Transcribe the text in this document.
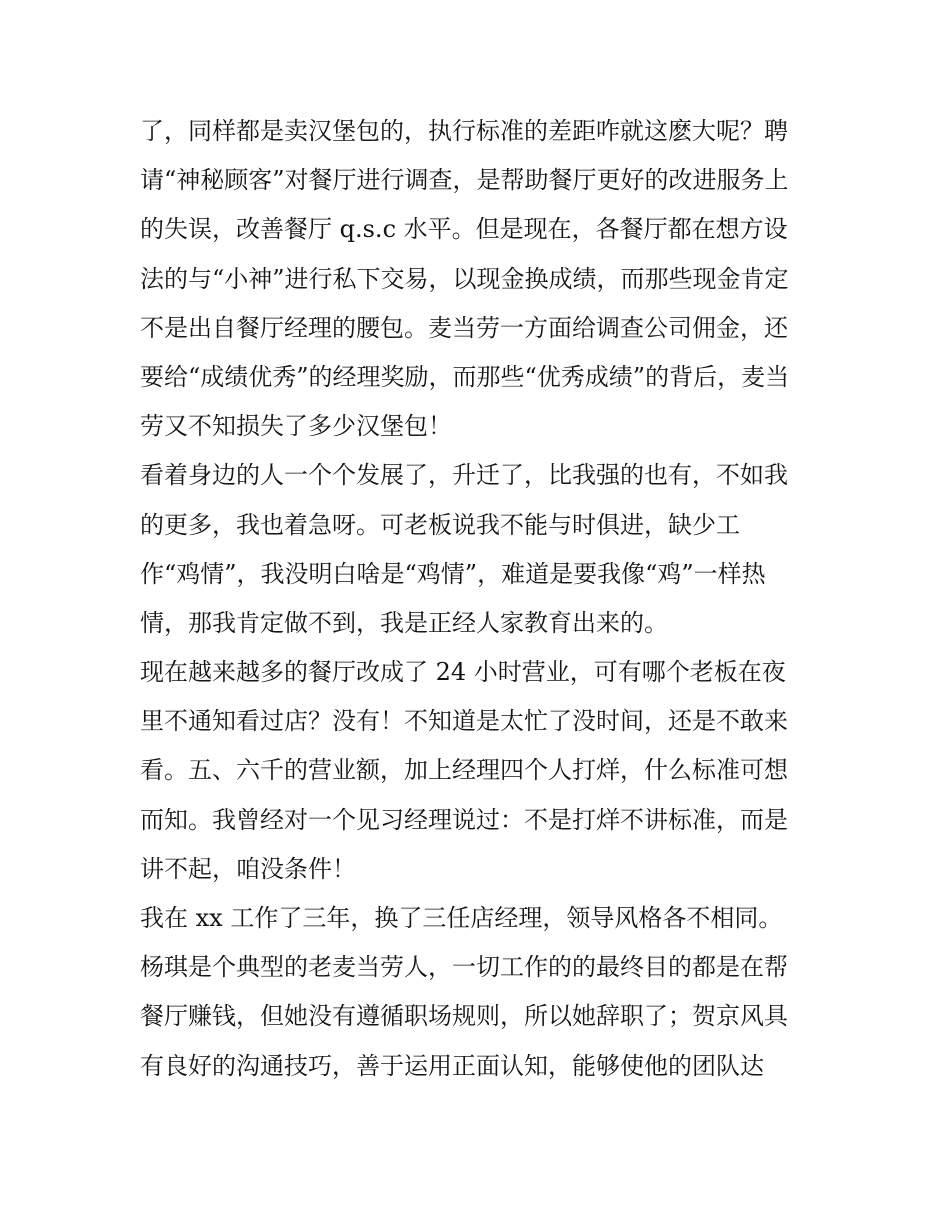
了，同样都是卖汉堡包的，执行标准的差距咋就这麽大呢？聘
请“神秘顾客”对餐厅进行调查，是帮助餐厅更好的改进服务上
的失误，改善餐厅 q.s.c 水平。但是现在，各餐厅都在想方设
法的与“小神”进行私下交易，以现金换成绩，而那些现金肯定
不是出自餐厅经理的腰包。麦当劳一方面给调查公司佣金，还
要给“成绩优秀”的经理奖励，而那些“优秀成绩”的背后，麦当
劳又不知损失了多少汉堡包！
看着身边的人一个个发展了，升迁了，比我强的也有，不如我
的更多，我也着急呀。可老板说我不能与时俱进，缺少工
作“鸡情”，我没明白啥是“鸡情”，难道是要我像“鸡”一样热
情，那我肯定做不到，我是正经人家教育出来的。
现在越来越多的餐厅改成了 24 小时营业，可有哪个老板在夜
里不通知看过店？没有！不知道是太忙了没时间，还是不敢来
看。五、六千的营业额，加上经理四个人打烊，什么标准可想
而知。我曾经对一个见习经理说过：不是打烊不讲标准，而是
讲不起，咱没条件！
我在 xx 工作了三年，换了三任店经理，领导风格各不相同。
杨琪是个典型的老麦当劳人，一切工作的的最终目的都是在帮
餐厅赚钱，但她没有遵循职场规则，所以她辞职了；贺京风具
有良好的沟通技巧，善于运用正面认知，能够使他的团队达
